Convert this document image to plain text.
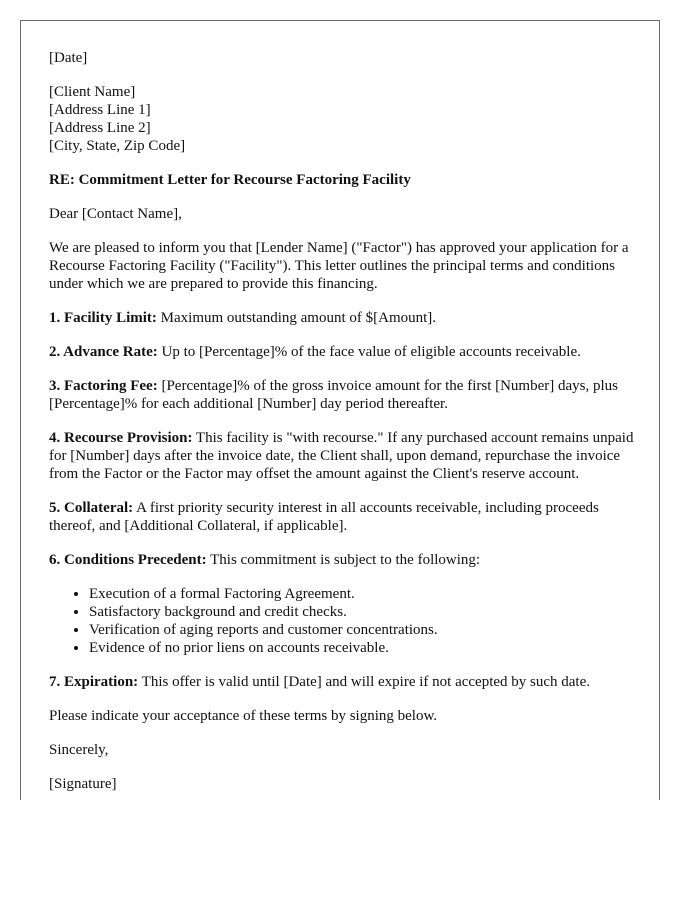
[Date]

[Client Name]
[Address Line 1]
[Address Line 2]
[City, State, Zip Code]

RE: Commitment Letter for Recourse Factoring Facility

Dear [Contact Name],

We are pleased to inform you that [Lender Name] ("Factor") has approved your application for a Recourse Factoring Facility ("Facility"). This letter outlines the principal terms and conditions under which we are prepared to provide this financing.

1. Facility Limit: Maximum outstanding amount of $[Amount].

2. Advance Rate: Up to [Percentage]% of the face value of eligible accounts receivable.

3. Factoring Fee: [Percentage]% of the gross invoice amount for the first [Number] days, plus [Percentage]% for each additional [Number] day period thereafter.

4. Recourse Provision: This facility is "with recourse." If any purchased account remains unpaid for [Number] days after the invoice date, the Client shall, upon demand, repurchase the invoice from the Factor or the Factor may offset the amount against the Client's reserve account.

5. Collateral: A first priority security interest in all accounts receivable, including proceeds thereof, and [Additional Collateral, if applicable].

6. Conditions Precedent: This commitment is subject to the following:

• Execution of a formal Factoring Agreement.
• Satisfactory background and credit checks.
• Verification of aging reports and customer concentrations.
• Evidence of no prior liens on accounts receivable.

7. Expiration: This offer is valid until [Date] and will expire if not accepted by such date.

Please indicate your acceptance of these terms by signing below.

Sincerely,

[Signature]
